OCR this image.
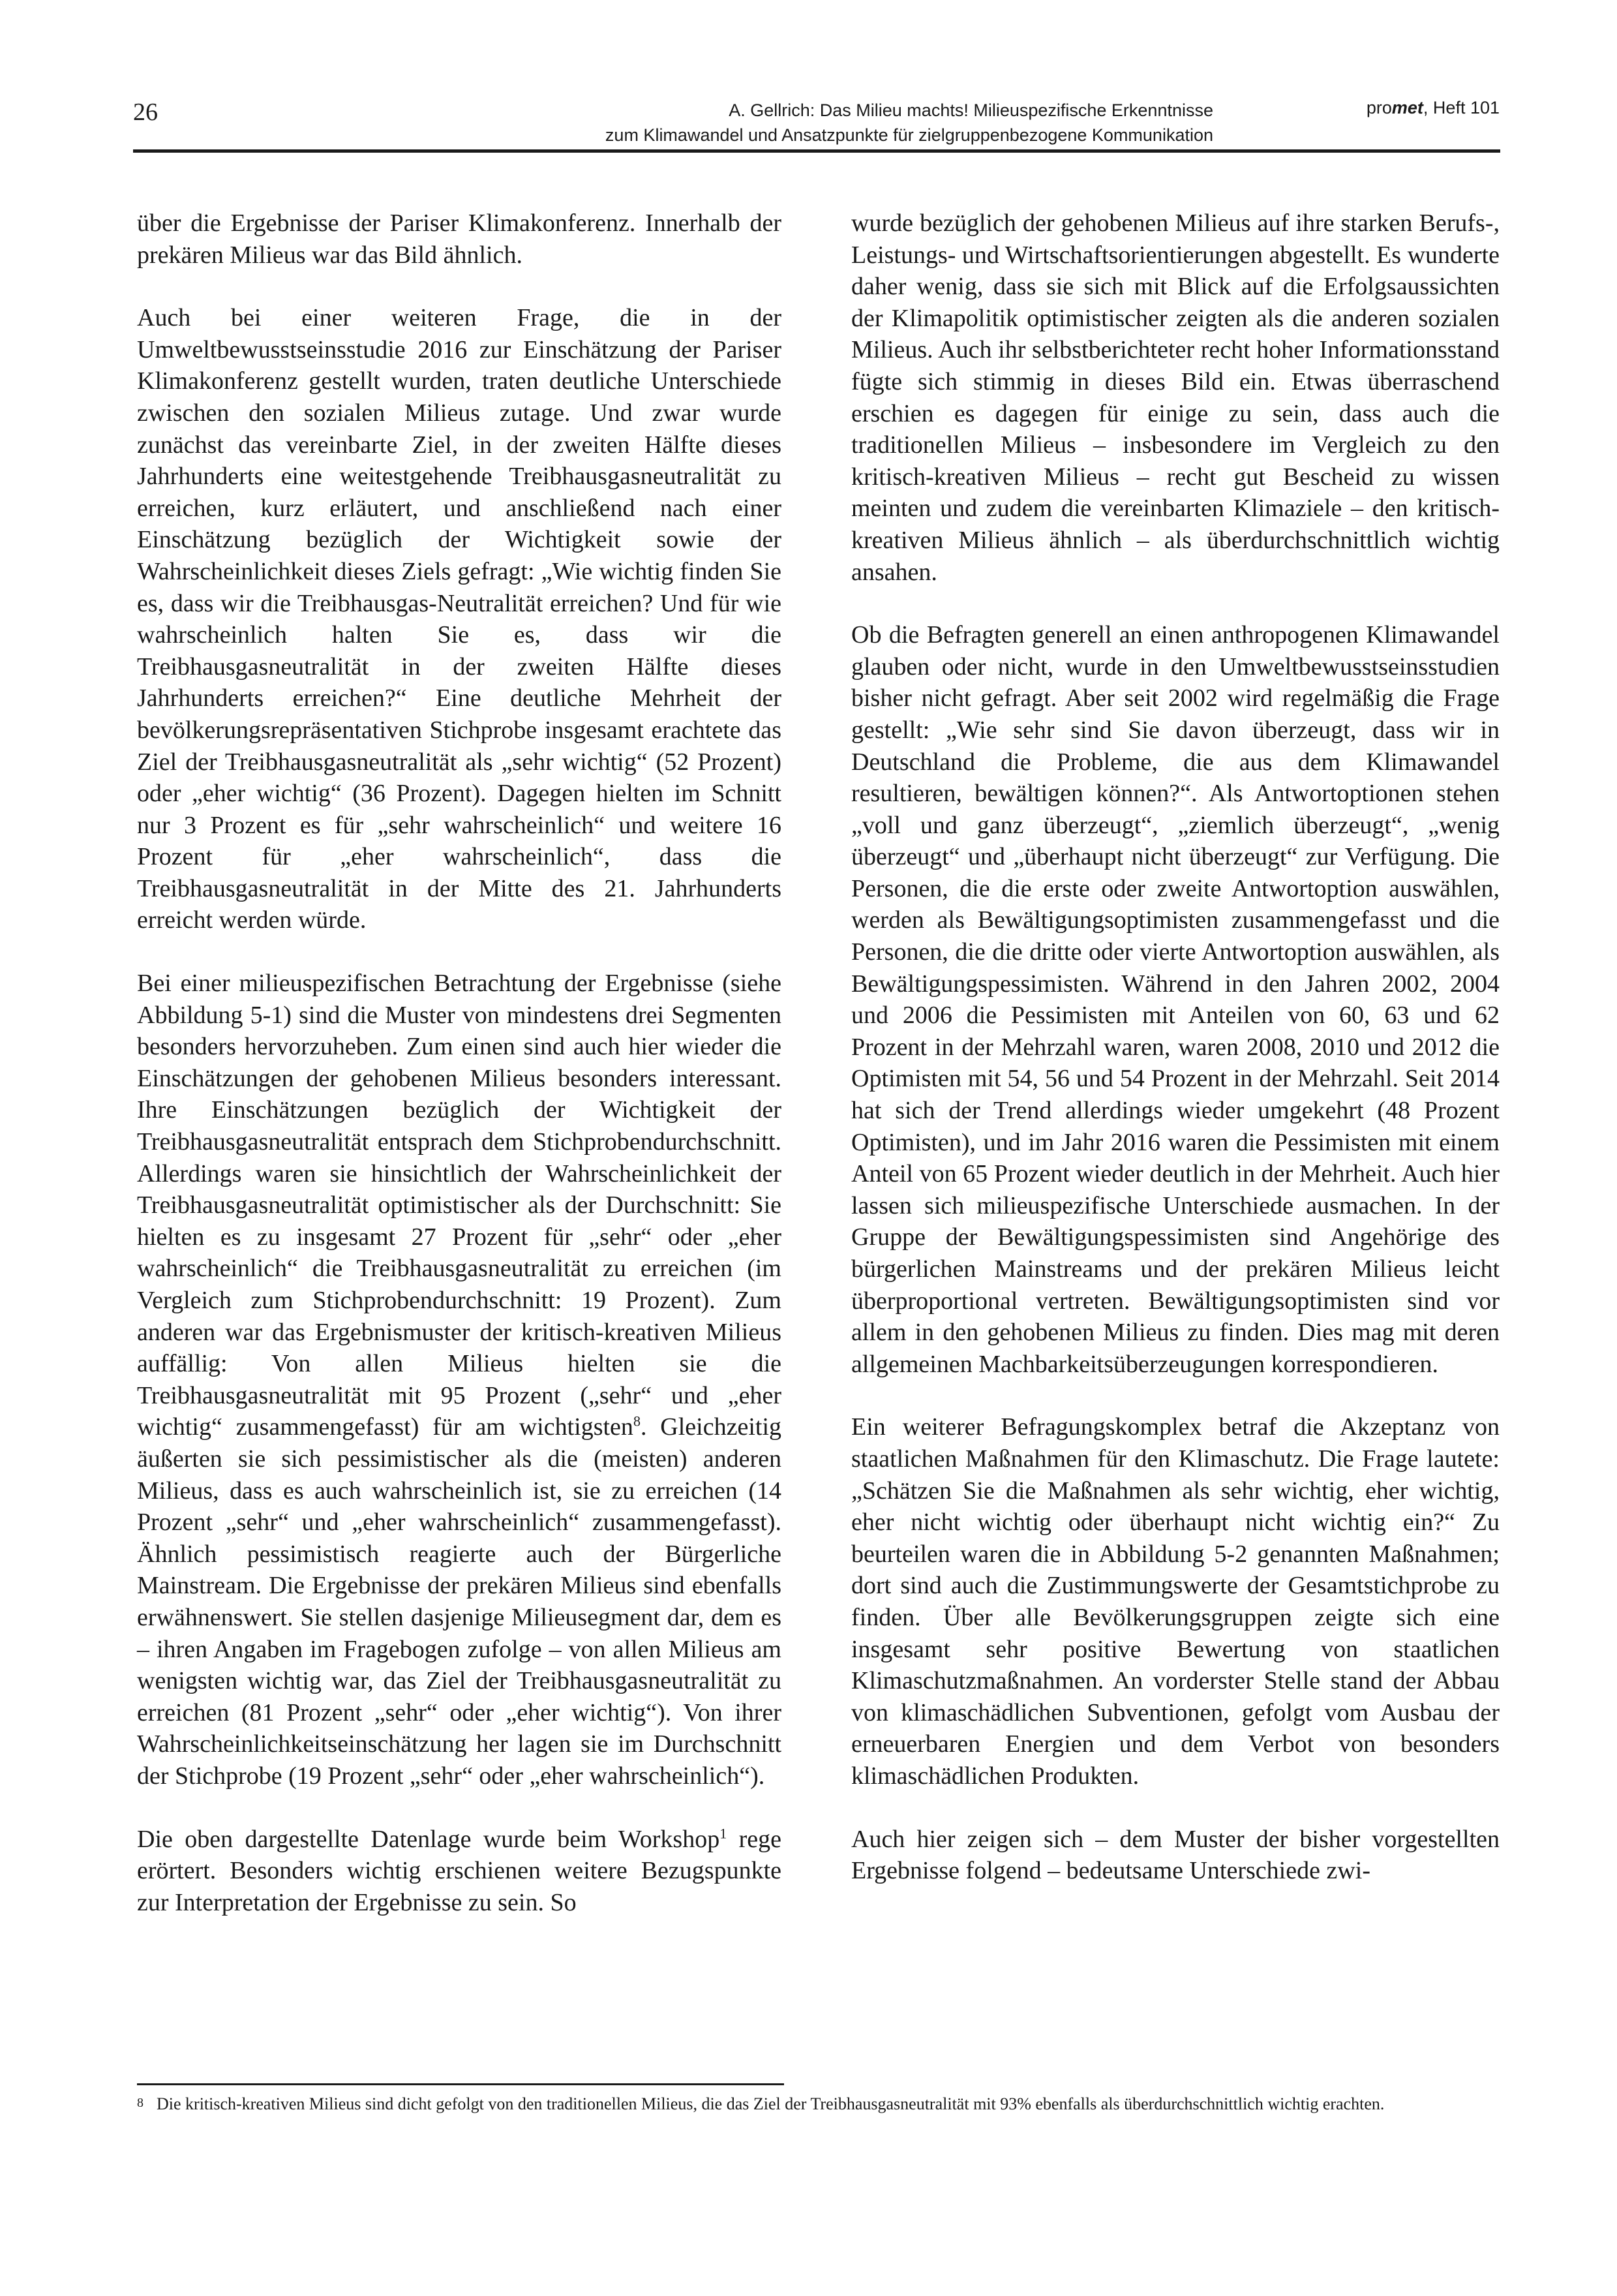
26	A. Gellrich: Das Milieu machts! Milieuspezifische Erkenntnisse
zum Klimawandel und Ansatzpunkte für zielgruppenbezogene Kommunikation
promet, Heft 101

über die Ergebnisse der Pariser Klimakonferenz. Innerhalb der prekären Milieus war das Bild ähnlich.

Auch bei einer weiteren Frage, die in der Umweltbewusstseinsstudie 2016 zur Einschätzung der Pariser Klimakonferenz gestellt wurden, traten deutliche Unterschiede zwischen den sozialen Milieus zutage. Und zwar wurde zunächst das vereinbarte Ziel, in der zweiten Hälfte dieses Jahrhunderts eine weitestgehende Treibhausgasneutralität zu erreichen, kurz erläutert, und anschließend nach einer Einschätzung bezüglich der Wichtigkeit sowie der Wahrscheinlichkeit dieses Ziels gefragt: „Wie wichtig finden Sie es, dass wir die Treibhausgas-Neutralität erreichen? Und für wie wahrscheinlich halten Sie es, dass wir die Treibhausgasneutralität in der zweiten Hälfte dieses Jahrhunderts erreichen?“ Eine deutliche Mehrheit der bevölkerungsrepräsentativen Stichprobe insgesamt erachtete das Ziel der Treibhausgasneutralität als „sehr wichtig“ (52 Prozent) oder „eher wichtig“ (36 Prozent). Dagegen hielten im Schnitt nur 3 Prozent es für „sehr wahrscheinlich“ und weitere 16 Prozent für „eher wahrscheinlich“, dass die Treibhausgasneutralität in der Mitte des 21. Jahrhunderts erreicht werden würde.

Bei einer milieuspezifischen Betrachtung der Ergebnisse (siehe Abbildung 5-1) sind die Muster von mindestens drei Segmenten besonders hervorzuheben. Zum einen sind auch hier wieder die Einschätzungen der gehobenen Milieus besonders interessant. Ihre Einschätzungen bezüglich der Wichtigkeit der Treibhausgasneutralität entsprach dem Stichprobendurchschnitt. Allerdings waren sie hinsichtlich der Wahrscheinlichkeit der Treibhausgasneutralität optimistischer als der Durchschnitt: Sie hielten es zu insgesamt 27 Prozent für „sehr“ oder „eher wahrscheinlich“ die Treibhausgasneutralität zu erreichen (im Vergleich zum Stichprobendurchschnitt: 19 Prozent). Zum anderen war das Ergebnismuster der kritisch-kreativen Milieus auffällig: Von allen Milieus hielten sie die Treibhausgasneutralität mit 95 Prozent („sehr“ und „eher wichtig“ zusammengefasst) für am wichtigsten$^8$. Gleichzeitig äußerten sie sich pessimistischer als die (meisten) anderen Milieus, dass es auch wahrscheinlich ist, sie zu erreichen (14 Prozent „sehr“ und „eher wahrscheinlich“ zusammengefasst). Ähnlich pessimistisch reagierte auch der Bürgerliche Mainstream. Die Ergebnisse der prekären Milieus sind ebenfalls erwähnenswert. Sie stellen dasjenige Milieusegment dar, dem es – ihren Angaben im Fragebogen zufolge – von allen Milieus am wenigsten wichtig war, das Ziel der Treibhausgasneutralität zu erreichen (81 Prozent „sehr“ oder „eher wichtig“). Von ihrer Wahrscheinlichkeitseinschätzung her lagen sie im Durchschnitt der Stichprobe (19 Prozent „sehr“ oder „eher wahrscheinlich“).

Die oben dargestellte Datenlage wurde beim Workshop$^1$ rege erörtert. Besonders wichtig erschienen weitere Bezugspunkte zur Interpretation der Ergebnisse zu sein. So

wurde bezüglich der gehobenen Milieus auf ihre starken Berufs-, Leistungs- und Wirtschaftsorientierungen abgestellt. Es wunderte daher wenig, dass sie sich mit Blick auf die Erfolgsaussichten der Klimapolitik optimistischer zeigten als die anderen sozialen Milieus. Auch ihr selbstberichteter recht hoher Informationsstand fügte sich stimmig in dieses Bild ein. Etwas überraschend erschien es dagegen für einige zu sein, dass auch die traditionellen Milieus – insbesondere im Vergleich zu den kritisch-kreativen Milieus – recht gut Bescheid zu wissen meinten und zudem die vereinbarten Klimaziele – den kritisch-kreativen Milieus ähnlich – als überdurchschnittlich wichtig ansahen.

Ob die Befragten generell an einen anthropogenen Klimawandel glauben oder nicht, wurde in den Umweltbewusstseinsstudien bisher nicht gefragt. Aber seit 2002 wird regelmäßig die Frage gestellt: „Wie sehr sind Sie davon überzeugt, dass wir in Deutschland die Probleme, die aus dem Klimawandel resultieren, bewältigen können?“. Als Antwortoptionen stehen „voll und ganz überzeugt“, „ziemlich überzeugt“, „wenig überzeugt“ und „überhaupt nicht überzeugt“ zur Verfügung. Die Personen, die die erste oder zweite Antwortoption auswählen, werden als Bewältigungsoptimisten zusammengefasst und die Personen, die die dritte oder vierte Antwortoption auswählen, als Bewältigungspessimisten. Während in den Jahren 2002, 2004 und 2006 die Pessimisten mit Anteilen von 60, 63 und 62 Prozent in der Mehrzahl waren, waren 2008, 2010 und 2012 die Optimisten mit 54, 56 und 54 Prozent in der Mehrzahl. Seit 2014 hat sich der Trend allerdings wieder umgekehrt (48 Prozent Optimisten), und im Jahr 2016 waren die Pessimisten mit einem Anteil von 65 Prozent wieder deutlich in der Mehrheit. Auch hier lassen sich milieuspezifische Unterschiede ausmachen. In der Gruppe der Bewältigungspessimisten sind Angehörige des bürgerlichen Mainstreams und der prekären Milieus leicht überproportional vertreten. Bewältigungsoptimisten sind vor allem in den gehobenen Milieus zu finden. Dies mag mit deren allgemeinen Machbarkeitsüberzeugungen korrespondieren.

Ein weiterer Befragungskomplex betraf die Akzeptanz von staatlichen Maßnahmen für den Klimaschutz. Die Frage lautete: „Schätzen Sie die Maßnahmen als sehr wichtig, eher wichtig, eher nicht wichtig oder überhaupt nicht wichtig ein?“ Zu beurteilen waren die in Abbildung 5-2 genannten Maßnahmen; dort sind auch die Zustimmungswerte der Gesamtstichprobe zu finden. Über alle Bevölkerungsgruppen zeigte sich eine insgesamt sehr positive Bewertung von staatlichen Klimaschutzmaßnahmen. An vorderster Stelle stand der Abbau von klimaschädlichen Subventionen, gefolgt vom Ausbau der erneuerbaren Energien und dem Verbot von besonders klimaschädlichen Produkten.

Auch hier zeigen sich – dem Muster der bisher vorgestellten Ergebnisse folgend – bedeutsame Unterschiede zwi-

8 Die kritisch-kreativen Milieus sind dicht gefolgt von den traditionellen Milieus, die das Ziel der Treibhausgasneutralität mit 93% ebenfalls als überdurchschnittlich wichtig erachten.
